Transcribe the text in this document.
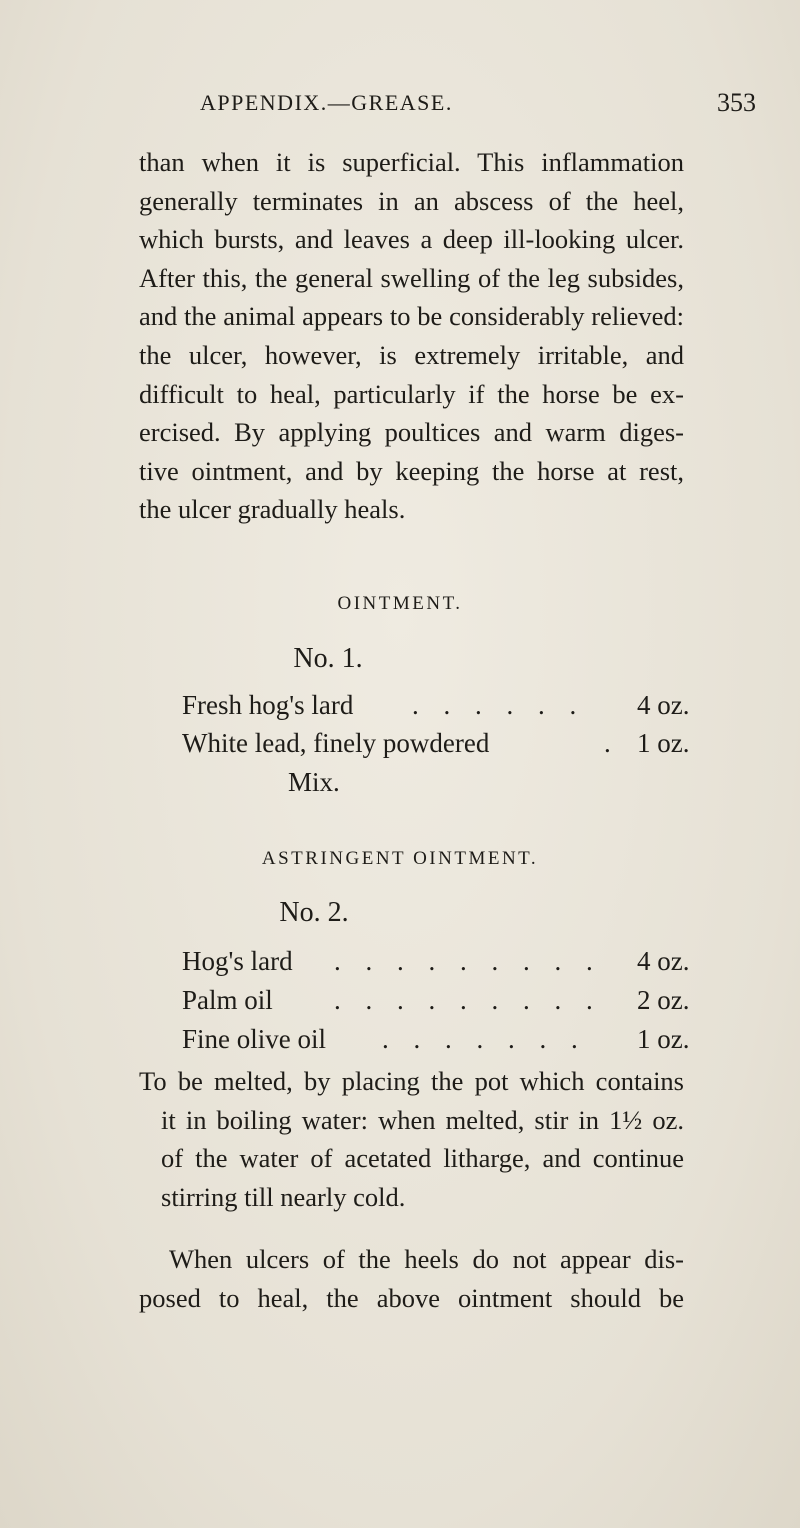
APPENDIX.—GREASE.	353
than when it is superficial. This inflammation
generally terminates in an abscess of the heel,
which bursts, and leaves a deep ill-looking ulcer.
After this, the general swelling of the leg subsides,
and the animal appears to be considerably relieved:
the ulcer, however, is extremely irritable, and
difficult to heal, particularly if the horse be ex-
ercised. By applying poultices and warm diges-
tive ointment, and by keeping the horse at rest,
the ulcer gradually heals.
OINTMENT.
No. 1.
Fresh hog's lard . . . . . . 4 oz.
White lead, finely powdered	. 1 oz.
Mix.
ASTRINGENT OINTMENT.
No. 2.
Hog's lard . . . . . . . . . 4 oz.
Palm oil . . . . . . . . . 2 oz.
Fine olive oil . . . . . . . 1 oz.
To be melted, by placing the pot which contains
it in boiling water: when melted, stir in 1½ oz.
of the water of acetated litharge, and continue
stirring till nearly cold.
When ulcers of the heels do not appear dis-
posed to heal, the above ointment should be
